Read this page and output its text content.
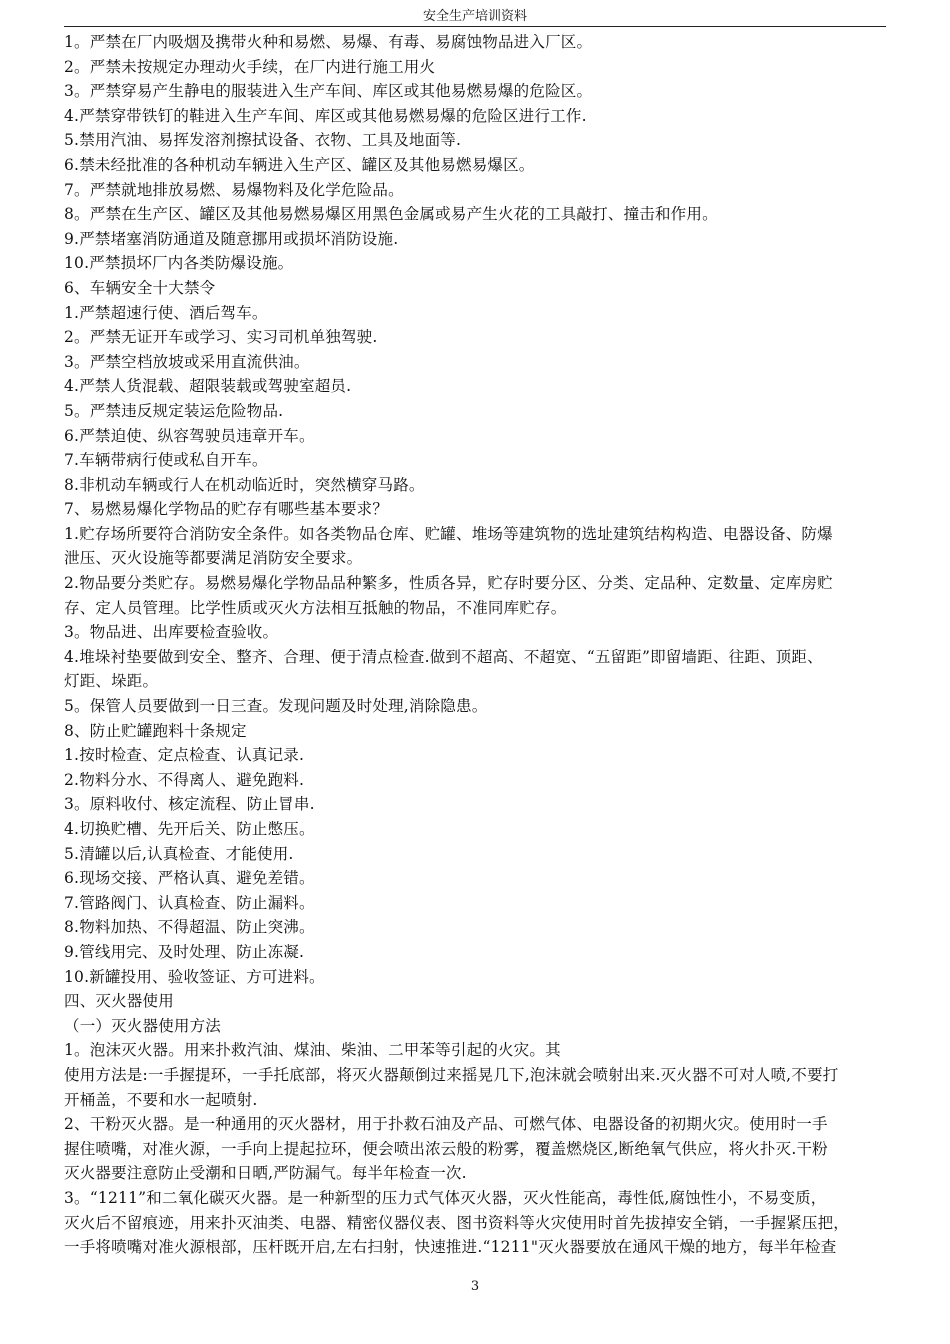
安全生产培训资料
1。严禁在厂内吸烟及携带火种和易燃、易爆、有毒、易腐蚀物品进入厂区。
2。严禁未按规定办理动火手续，在厂内进行施工用火
3。严禁穿易产生静电的服装进入生产车间、库区或其他易燃易爆的危险区。
4.严禁穿带铁钉的鞋进入生产车间、库区或其他易燃易爆的危险区进行工作.
5.禁用汽油、易挥发溶剂擦拭设备、衣物、工具及地面等.
6.禁未经批准的各种机动车辆进入生产区、罐区及其他易燃易爆区。
7。严禁就地排放易燃、易爆物料及化学危险品。
8。严禁在生产区、罐区及其他易燃易爆区用黑色金属或易产生火花的工具敲打、撞击和作用。
9.严禁堵塞消防通道及随意挪用或损坏消防设施.
10.严禁损坏厂内各类防爆设施。
6、车辆安全十大禁令
1.严禁超速行使、酒后驾车。
2。严禁无证开车或学习、实习司机单独驾驶.
3。严禁空档放坡或采用直流供油。
4.严禁人货混载、超限装载或驾驶室超员.
5。严禁违反规定装运危险物品.
6.严禁迫使、纵容驾驶员违章开车。
7.车辆带病行使或私自开车。
8.非机动车辆或行人在机动临近时，突然横穿马路。
7、易燃易爆化学物品的贮存有哪些基本要求？
1.贮存场所要符合消防安全条件。如各类物品仓库、贮罐、堆场等建筑物的选址建筑结构构造、电器设备、防爆
泄压、灭火设施等都要满足消防安全要求。
2.物品要分类贮存。易燃易爆化学物品品种繁多，性质各异，贮存时要分区、分类、定品种、定数量、定库房贮
存、定人员管理。比学性质或灭火方法相互抵触的物品，不准同库贮存。
3。物品进、出库要检查验收。
4.堆垛衬垫要做到安全、整齐、合理、便于清点检查.做到不超高、不超宽、“五留距”即留墙距、往距、顶距、
灯距、垛距。
5。保管人员要做到一日三查。发现问题及时处理,消除隐患。
8、防止贮罐跑料十条规定
1.按时检查、定点检查、认真记录.
2.物料分水、不得离人、避免跑料.
3。原料收付、核定流程、防止冒串.
4.切换贮槽、先开后关、防止憋压。
5.清罐以后,认真检查、才能使用.
6.现场交接、严格认真、避免差错。
7.管路阀门、认真检查、防止漏料。
8.物料加热、不得超温、防止突沸。
9.管线用完、及时处理、防止冻凝.
10.新罐投用、验收签证、方可进料。
四、灭火器使用
（一）灭火器使用方法
1。泡沫灭火器。用来扑救汽油、煤油、柴油、二甲苯等引起的火灾。其
使用方法是:一手握提环，一手托底部，将灭火器颠倒过来摇晃几下,泡沫就会喷射出来.灭火器不可对人喷,不要打
开桶盖，不要和水一起喷射.
2、干粉灭火器。是一种通用的灭火器材，用于扑救石油及产品、可燃气体、电器设备的初期火灾。使用时一手
握住喷嘴，对准火源，一手向上提起拉环，便会喷出浓云般的粉雾，覆盖燃烧区,断绝氧气供应，将火扑灭.干粉
灭火器要注意防止受潮和日晒,严防漏气。每半年检查一次.
3。“1211”和二氧化碳灭火器。是一种新型的压力式气体灭火器，灭火性能高，毒性低,腐蚀性小，不易变质，
灭火后不留痕迹，用来扑灭油类、电器、精密仪器仪表、图书资料等火灾使用时首先拔掉安全销，一手握紧压把，
一手将喷嘴对准火源根部，压杆既开启,左右扫射，快速推进.“1211"灭火器要放在通风干燥的地方，每半年检查
3
